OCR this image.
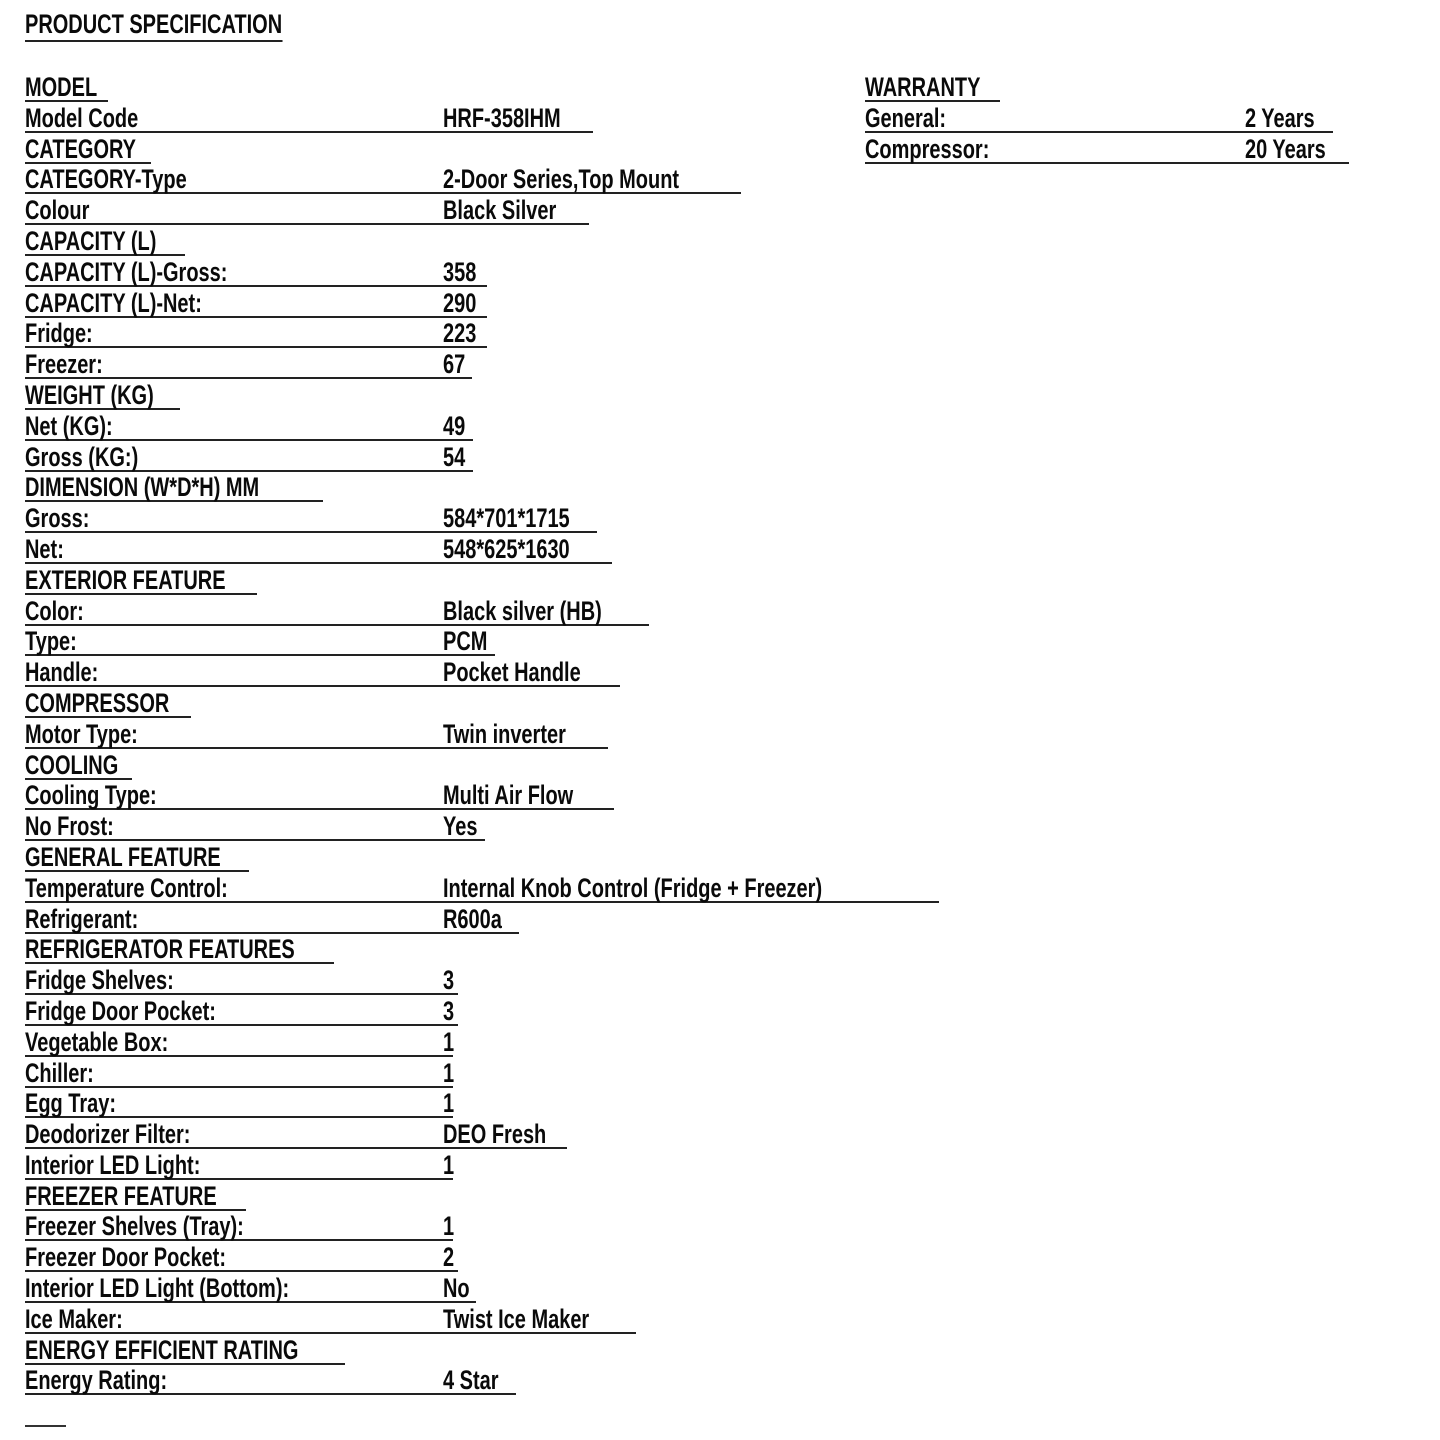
PRODUCT SPECIFICATION
MODEL
Model Code	HRF-358IHM
CATEGORY
CATEGORY-Type	2-Door Series,Top Mount
Colour	Black Silver
CAPACITY (L)
CAPACITY (L)-Gross:	358
CAPACITY (L)-Net:	290
Fridge:	223
Freezer:	67
WEIGHT (KG)
Net (KG):	49
Gross (KG:)	54
DIMENSION (W*D*H) MM
Gross:	584*701*1715
Net:	548*625*1630
EXTERIOR FEATURE
Color:	Black silver (HB)
Type:	PCM
Handle:	Pocket Handle
COMPRESSOR
Motor Type:	Twin inverter
COOLING
Cooling Type:	Multi Air Flow
No Frost:	Yes
GENERAL FEATURE
Temperature Control:	Internal Knob Control (Fridge + Freezer)
Refrigerant:	R600a
REFRIGERATOR FEATURES
Fridge Shelves:	3
Fridge Door Pocket:	3
Vegetable Box:	1
Chiller:	1
Egg Tray:	1
Deodorizer Filter:	DEO Fresh
Interior LED Light:	1
FREEZER FEATURE
Freezer Shelves (Tray):	1
Freezer Door Pocket:	2
Interior LED Light (Bottom):	No
Ice Maker:	Twist Ice Maker
ENERGY EFFICIENT RATING
Energy Rating:	4 Star
WARRANTY
General:	2 Years
Compressor:	20 Years
